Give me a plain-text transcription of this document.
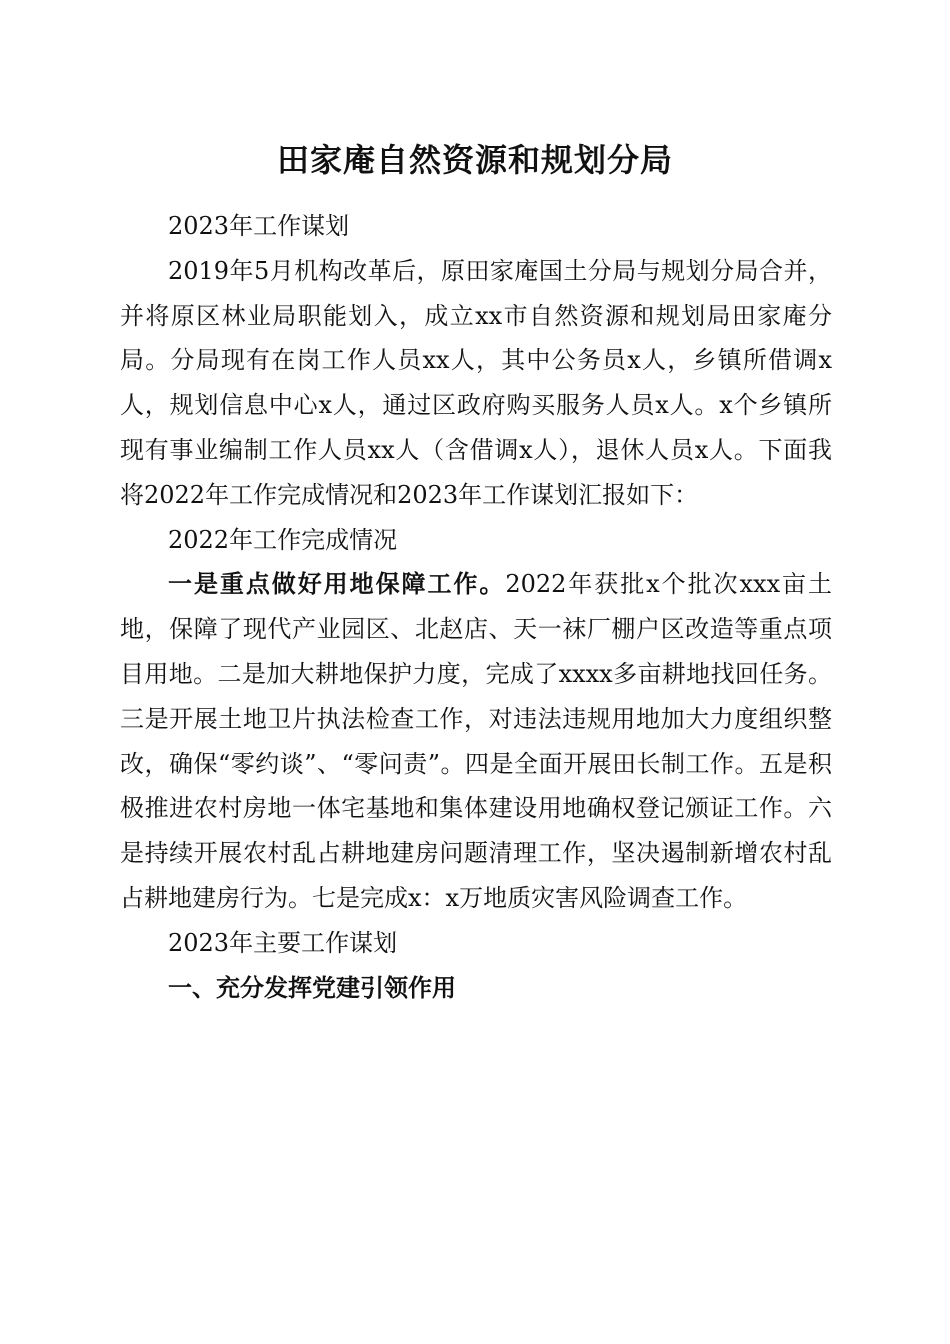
田家庵自然资源和规划分局

2023年工作谋划

2019年5月机构改革后，原田家庵国土分局与规划分局合并，并将原区林业局职能划入，成立xx市自然资源和规划局田家庵分局。分局现有在岗工作人员xx人，其中公务员x人，乡镇所借调x人，规划信息中心x人，通过区政府购买服务人员x人。x个乡镇所现有事业编制工作人员xx人（含借调x人），退休人员x人。下面我将2022年工作完成情况和2023年工作谋划汇报如下：

2022年工作完成情况

一是重点做好用地保障工作。2022年获批x个批次xxx亩土地，保障了现代产业园区、北赵店、天一袜厂棚户区改造等重点项目用地。二是加大耕地保护力度，完成了xxxx多亩耕地找回任务。三是开展土地卫片执法检查工作，对违法违规用地加大力度组织整改，确保“零约谈”、“零问责”。四是全面开展田长制工作。五是积极推进农村房地一体宅基地和集体建设用地确权登记颁证工作。六是持续开展农村乱占耕地建房问题清理工作，坚决遏制新增农村乱占耕地建房行为。七是完成x：x万地质灾害风险调查工作。

2023年主要工作谋划

一、充分发挥党建引领作用
